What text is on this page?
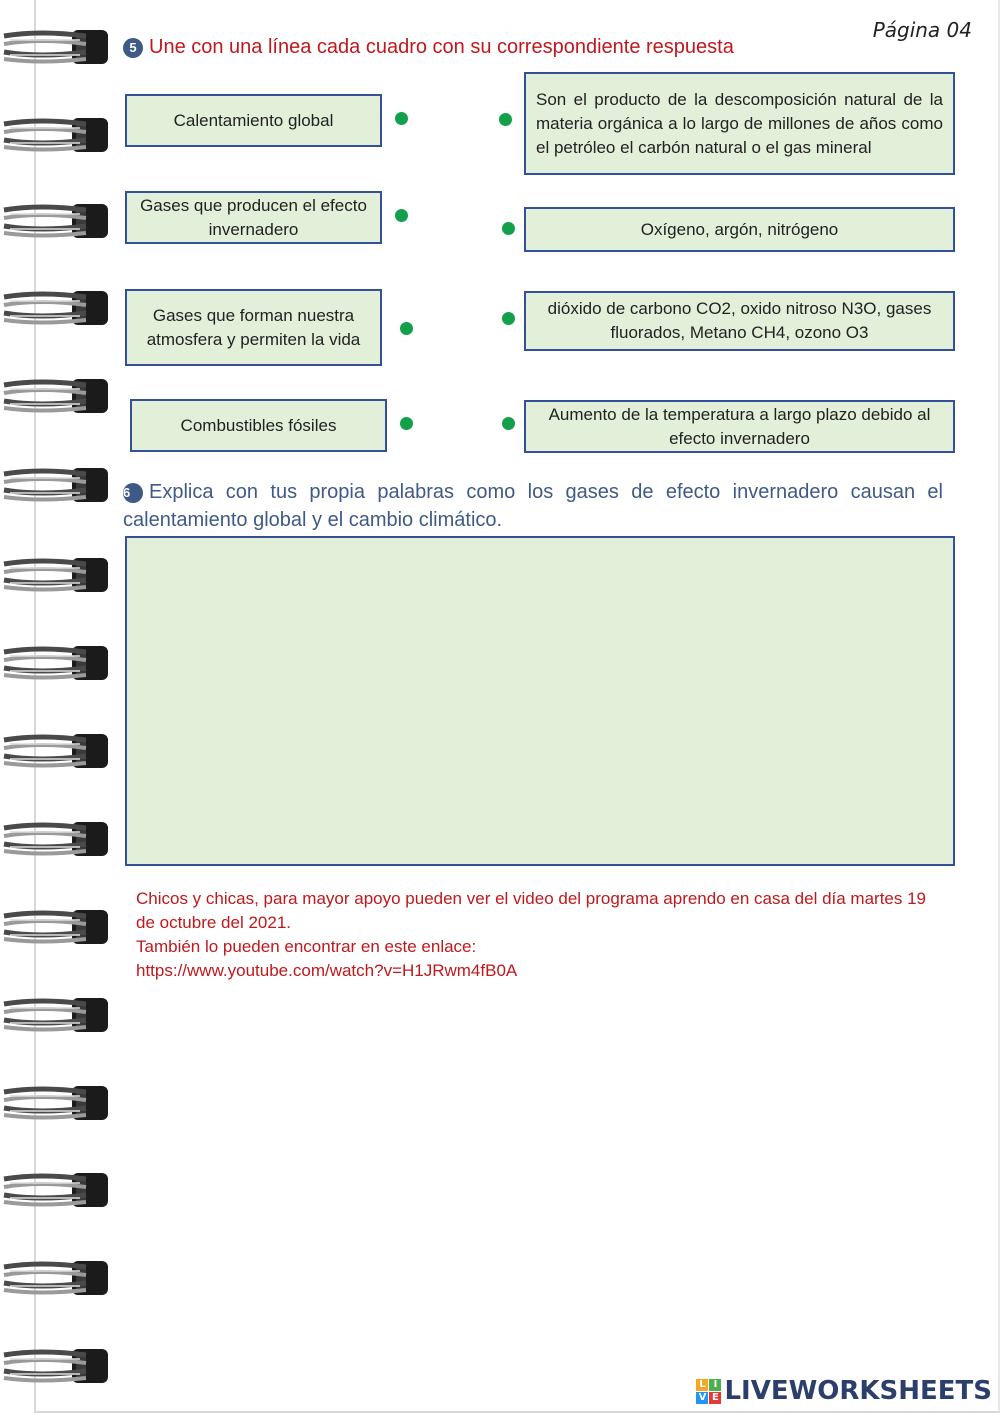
Página 04
5 Une con una línea cada cuadro con su correspondiente respuesta
Calentamiento global
Gases que producen el efecto invernadero
Gases que forman nuestra atmosfera y permiten la vida
Combustibles fósiles
Son el producto de la descomposición natural de la materia orgánica a lo largo de millones de años como el petróleo el carbón natural o el gas mineral
Oxígeno, argón, nitrógeno
dióxido de carbono CO2, oxido nitroso N3O, gases fluorados, Metano CH4, ozono O3
Aumento de la temperatura a largo plazo debido al efecto invernadero
6 Explica con tus propia palabras como los gases de efecto invernadero causan el calentamiento global y el cambio climático.
Chicos y chicas, para mayor apoyo pueden ver el video del programa aprendo en casa del día martes 19 de octubre del 2021.
También lo pueden encontrar en este enlace:
https://www.youtube.com/watch?v=H1JRwm4fB0A
L I
V E LIVEWORKSHEETS
